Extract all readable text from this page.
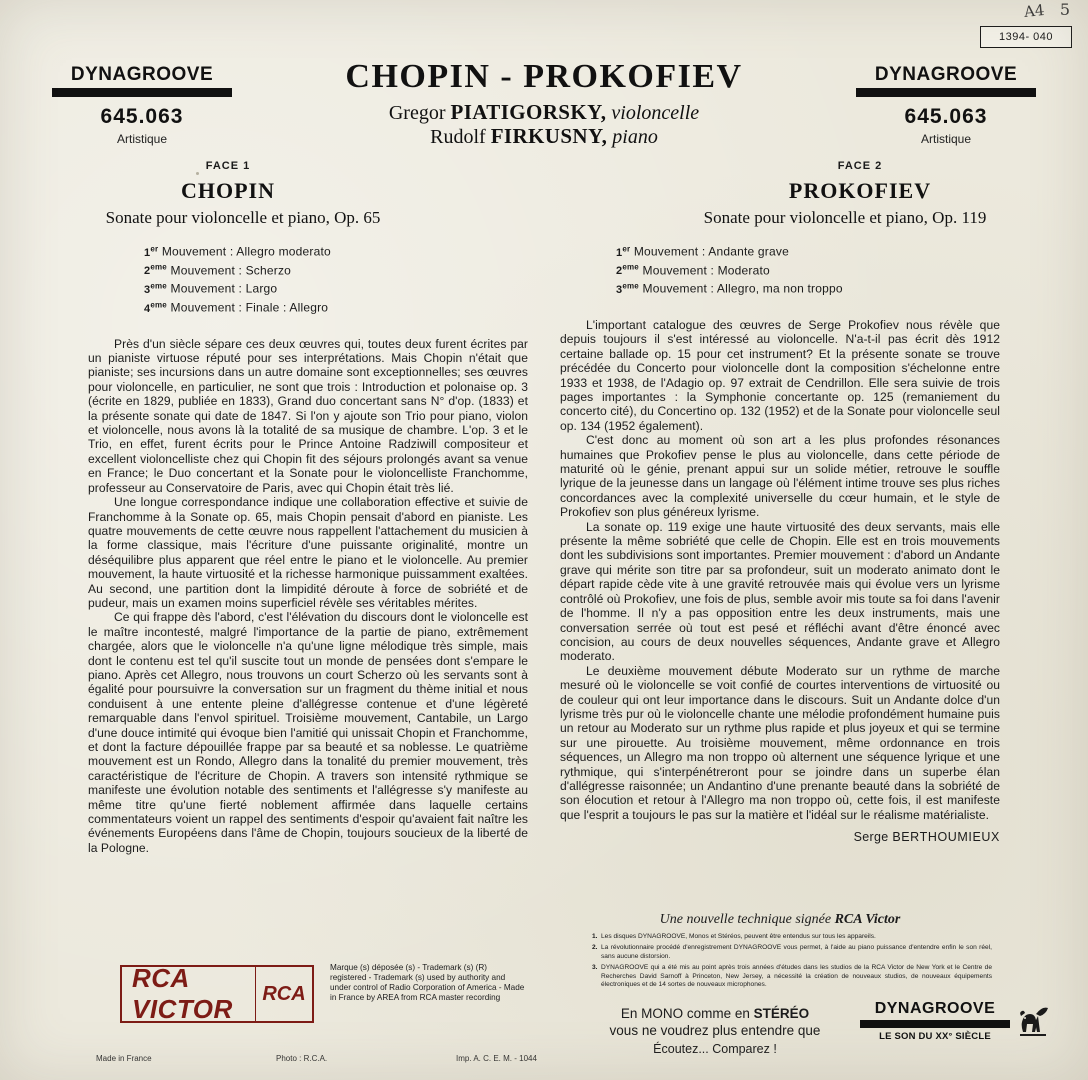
A4 5
1394- 040
DYNAGROOVE
645.063
Artistique
DYNAGROOVE
645.063
Artistique
CHOPIN - PROKOFIEV
Gregor PIATIGORSKY, violoncelle
Rudolf FIRKUSNY, piano
FACE 1
CHOPIN
Sonate pour violoncelle et piano, Op. 65
1er Mouvement : Allegro moderato
2eme Mouvement : Scherzo
3eme Mouvement : Largo
4eme Mouvement : Finale : Allegro

Près d'un siècle sépare ces deux œuvres qui, toutes deux furent écrites par un pianiste virtuose réputé pour ses interprétations. Mais Chopin n'était que pianiste; ses incursions dans un autre domaine sont exceptionnelles; ses œuvres pour violoncelle, en particulier, ne sont que trois : Introduction et polonaise op. 3 (écrite en 1829, publiée en 1833), Grand duo concertant sans N° d'op. (1833) et la présente sonate qui date de 1847. Si l'on y ajoute son Trio pour piano, violon et violoncelle, nous avons là la totalité de sa musique de chambre. L'op. 3 et le Trio, en effet, furent écrits pour le Prince Antoine Radziwill compositeur et excellent violoncelliste chez qui Chopin fit des séjours prolongés avant sa venue en France; le Duo concertant et la Sonate pour le violoncelliste Franchomme, professeur au Conservatoire de Paris, avec qui Chopin était très lié.

Une longue correspondance indique une collaboration effective et suivie de Franchomme à la Sonate op. 65, mais Chopin pensait d'abord en pianiste. Les quatre mouvements de cette œuvre nous rappellent l'attachement du musicien à la forme classique, mais l'écriture d'une puissante originalité, montre un déséquilibre plus apparent que réel entre le piano et le violoncelle. Au premier mouvement, la haute virtuosité et la richesse harmonique puissamment exaltées. Au second, une partition dont la limpidité déroute à force de sobriété et de pudeur, mais un examen moins superficiel révèle ses véritables mérites.

Ce qui frappe dès l'abord, c'est l'élévation du discours dont le violoncelle est le maître incontesté, malgré l'importance de la partie de piano, extrêmement chargée, alors que le violoncelle n'a qu'une ligne mélodique très simple, mais dont le contenu est tel qu'il suscite tout un monde de pensées dont s'empare le piano. Après cet Allegro, nous trouvons un court Scherzo où les servants sont à égalité pour poursuivre la conversation sur un fragment du thème initial et nous conduisent à une entente pleine d'allégresse contenue et d'une légèreté remarquable dans l'envol spirituel. Troisième mouvement, Cantabile, un Largo d'une douce intimité qui évoque bien l'amitié qui unissait Chopin et Franchomme, et dont la facture dépouillée frappe par sa beauté et sa noblesse. Le quatrième mouvement est un Rondo, Allegro dans la tonalité du premier mouvement, très caractéristique de l'écriture de Chopin. A travers son intensité rythmique se manifeste une évolution notable des sentiments et l'allégresse s'y manifeste au même titre qu'une fierté noblement affirmée dans laquelle certains commentateurs voient un rappel des sentiments d'espoir qu'avaient fait naître les événements Européens dans l'âme de Chopin, toujours soucieux de la liberté de la Pologne.

FACE 2
PROKOFIEV
Sonate pour violoncelle et piano, Op. 119
1er Mouvement : Andante grave
2eme Mouvement : Moderato
3eme Mouvement : Allegro, ma non troppo

L'important catalogue des œuvres de Serge Prokofiev nous révèle que depuis toujours il s'est intéressé au violoncelle. N'a-t-il pas écrit dès 1912 certaine ballade op. 15 pour cet instrument? Et la présente sonate se trouve précédée du Concerto pour violoncelle dont la composition s'échelonne entre 1933 et 1938, de l'Adagio op. 97 extrait de Cendrillon. Elle sera suivie de trois pages importantes : la Symphonie concertante op. 125 (remaniement du concerto cité), du Concertino op. 132 (1952) et de la Sonate pour violoncelle seul op. 134 (1952 également).

C'est donc au moment où son art a les plus profondes résonances humaines que Prokofiev pense le plus au violoncelle, dans cette période de maturité où le génie, prenant appui sur un solide métier, retrouve le souffle lyrique de la jeunesse dans un langage où l'élément intime trouve ses plus riches concordances avec la complexité universelle du cœur humain, et le style de Prokofiev son plus généreux lyrisme.

La sonate op. 119 exige une haute virtuosité des deux servants, mais elle présente la même sobriété que celle de Chopin. Elle est en trois mouvements dont les subdivisions sont importantes. Premier mouvement : d'abord un Andante grave qui mérite son titre par sa profondeur, suit un moderato animato dont le départ rapide cède vite à une gravité retrouvée mais qui évolue vers un lyrisme contrôlé où Prokofiev, une fois de plus, semble avoir mis toute sa foi dans l'avenir de l'homme. Il n'y a pas opposition entre les deux instruments, mais une conversation serrée où tout est pesé et réfléchi avant d'être énoncé avec concision, au cours de deux nouvelles séquences, Andante grave et Allegro moderato.

Le deuxième mouvement débute Moderato sur un rythme de marche mesuré où le violoncelle se voit confié de courtes interventions de virtuosité ou de couleur qui ont leur importance dans le discours. Suit un Andante dolce d'un lyrisme très pur où le violoncelle chante une mélodie profondément humaine puis un retour au Moderato sur un rythme plus rapide et plus joyeux et qui se termine sur une pirouette. Au troisième mouvement, même ordonnance en trois séquences, un Allegro ma non troppo où alternent une séquence lyrique et une rythmique, qui s'interpénétreront pour se joindre dans un superbe élan d'allégresse raisonnée; un Andantino d'une prenante beauté dans la sobriété de son élocution et retour à l'Allegro ma non troppo où, cette fois, il est manifeste que l'esprit a toujours le pas sur la matière et l'idéal sur le réalisme matérialiste.

Serge BERTHOUMIEUX
RCA VICTOR
RCA
Marque (s) déposée (s) - Trademark (s) (R) registered - Trademark (s) used by authority and under control of Radio Corporation of America - Made in France by AREA from RCA master recording
Une nouvelle technique signée RCA Victor
1. Les disques DYNAGROOVE, Monos et Stéréos, peuvent être entendus sur tous les appareils.
2. La révolutionnaire procédé d'enregistrement DYNAGROOVE vous permet, à l'aide au piano puissance d'entendre enfin le son réel, sans aucune distorsion.
3. DYNAGROOVE qui a été mis au point après trois années d'études dans les studios de la RCA Victor de New York et le Centre de Recherches David Sarnoff à Princeton, New Jersey, a nécessité la création de nouveaux studios, de nouveaux équipements électroniques et de 14 sortes de nouveaux microphones.
En MONO comme en STÉRÉO
vous ne voudrez plus entendre que
Écoutez... Comparez !
DYNAGROOVE
LE SON DU XX° SIÈCLE
Made in France	Photo : R.C.A.	Imp. A. C. E. M. - 1044
